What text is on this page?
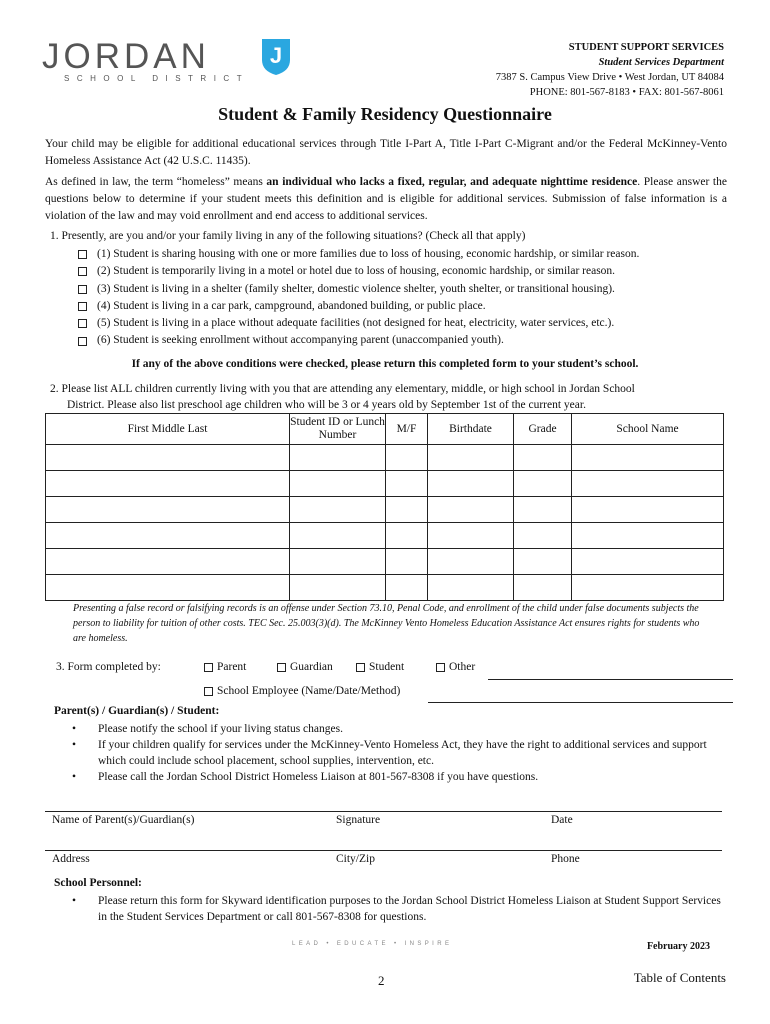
JORDAN
SCHOOL DISTRICT
J	STUDENT SUPPORT SERVICES
Student Services Department
7387 S. Campus View Drive • West Jordan, UT 84084
PHONE: 801-567-8183 • FAX: 801-567-8061
Student & Family Residency Questionnaire
Your child may be eligible for additional educational services through Title I-Part A, Title I-Part C-Migrant and/or the Federal McKinney-Vento Homeless Assistance Act (42 U.S.C. 11435).
As defined in law, the term “homeless” means an individual who lacks a fixed, regular, and adequate nighttime residence. Please answer the questions below to determine if your student meets this definition and is eligible for additional services. Submission of false information is a violation of the law and may void enrollment and end access to additional services.
1. Presently, are you and/or your family living in any of the following situations? (Check all that apply)
(1) Student is sharing housing with one or more families due to loss of housing, economic hardship, or similar reason.
(2) Student is temporarily living in a motel or hotel due to loss of housing, economic hardship, or similar reason.
(3) Student is living in a shelter (family shelter, domestic violence shelter, youth shelter, or transitional housing).
(4) Student is living in a car park, campground, abandoned building, or public place.
(5) Student is living in a place without adequate facilities (not designed for heat, electricity, water services, etc.).
(6) Student is seeking enrollment without accompanying parent (unaccompanied youth).
If any of the above conditions were checked, please return this completed form to your student’s school.
2. Please list ALL children currently living with you that are attending any elementary, middle, or high school in Jordan School
District. Please also list preschool age children who will be 3 or 4 years old by September 1st of the current year.
First Middle Last	Student ID or Lunch Number	M/F	Birthdate	Grade	School Name

Presenting a false record or falsifying records is an offense under Section 73.10, Penal Code, and enrollment of the child under false documents subjects the person to liability for tuition of other costs. TEC Sec. 25.003(3)(d). The McKinney Vento Homeless Education Assistance Act ensures rights for students who are homeless.
3. Form completed by:	Parent	Guardian	Student	Other
School Employee (Name/Date/Method)
Parent(s) / Guardian(s) / Student:
•	Please notify the school if your living status changes.
•	If your children qualify for services under the McKinney-Vento Homeless Act, they have the right to additional services and support which could include school placement, school supplies, intervention, etc.
•	Please call the Jordan School District Homeless Liaison at 801-567-8308 if you have questions.
Name of Parent(s)/Guardian(s)	Signature	Date
Address	City/Zip	Phone
School Personnel:
•	Please return this form for Skyward identification purposes to the Jordan School District Homeless Liaison at Student Support Services in the Student Services Department or call 801-567-8308 for questions.
LEAD • EDUCATE • INSPIRE	February 2023
2	Table of Contents
